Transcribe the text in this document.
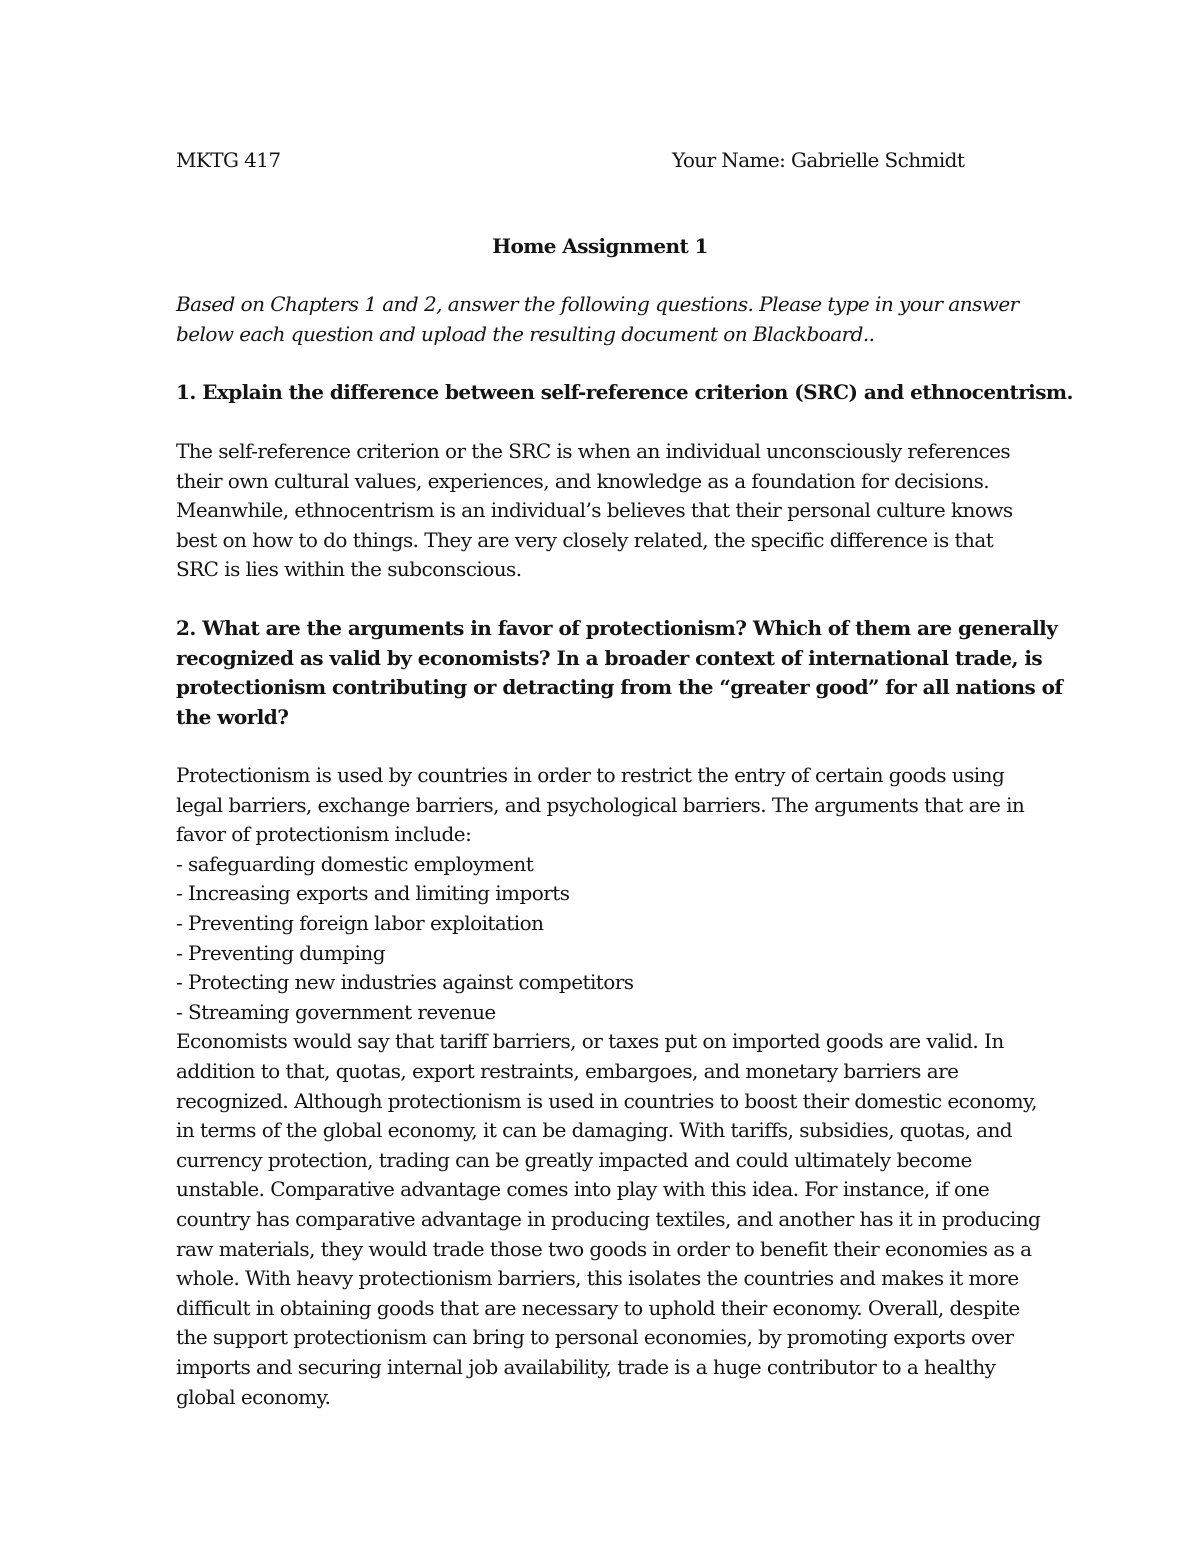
MKTG 417	Your Name: Gabrielle Schmidt
Home Assignment 1
Based on Chapters 1 and 2, answer the following questions. Please type in your answer
below each question and upload the resulting document on Blackboard..
1. Explain the difference between self-reference criterion (SRC) and ethnocentrism.
The self-reference criterion or the SRC is when an individual unconsciously references
their own cultural values, experiences, and knowledge as a foundation for decisions.
Meanwhile, ethnocentrism is an individual’s believes that their personal culture knows
best on how to do things. They are very closely related, the specific difference is that
SRC is lies within the subconscious.
2. What are the arguments in favor of protectionism? Which of them are generally
recognized as valid by economists? In a broader context of international trade, is
protectionism contributing or detracting from the “greater good” for all nations of
the world?
Protectionism is used by countries in order to restrict the entry of certain goods using
legal barriers, exchange barriers, and psychological barriers. The arguments that are in
favor of protectionism include:
- safeguarding domestic employment
- Increasing exports and limiting imports
- Preventing foreign labor exploitation
- Preventing dumping
- Protecting new industries against competitors
- Streaming government revenue
Economists would say that tariff barriers, or taxes put on imported goods are valid. In
addition to that, quotas, export restraints, embargoes, and monetary barriers are
recognized. Although protectionism is used in countries to boost their domestic economy,
in terms of the global economy, it can be damaging. With tariffs, subsidies, quotas, and
currency protection, trading can be greatly impacted and could ultimately become
unstable. Comparative advantage comes into play with this idea. For instance, if one
country has comparative advantage in producing textiles, and another has it in producing
raw materials, they would trade those two goods in order to benefit their economies as a
whole. With heavy protectionism barriers, this isolates the countries and makes it more
difficult in obtaining goods that are necessary to uphold their economy. Overall, despite
the support protectionism can bring to personal economies, by promoting exports over
imports and securing internal job availability, trade is a huge contributor to a healthy
global economy.
